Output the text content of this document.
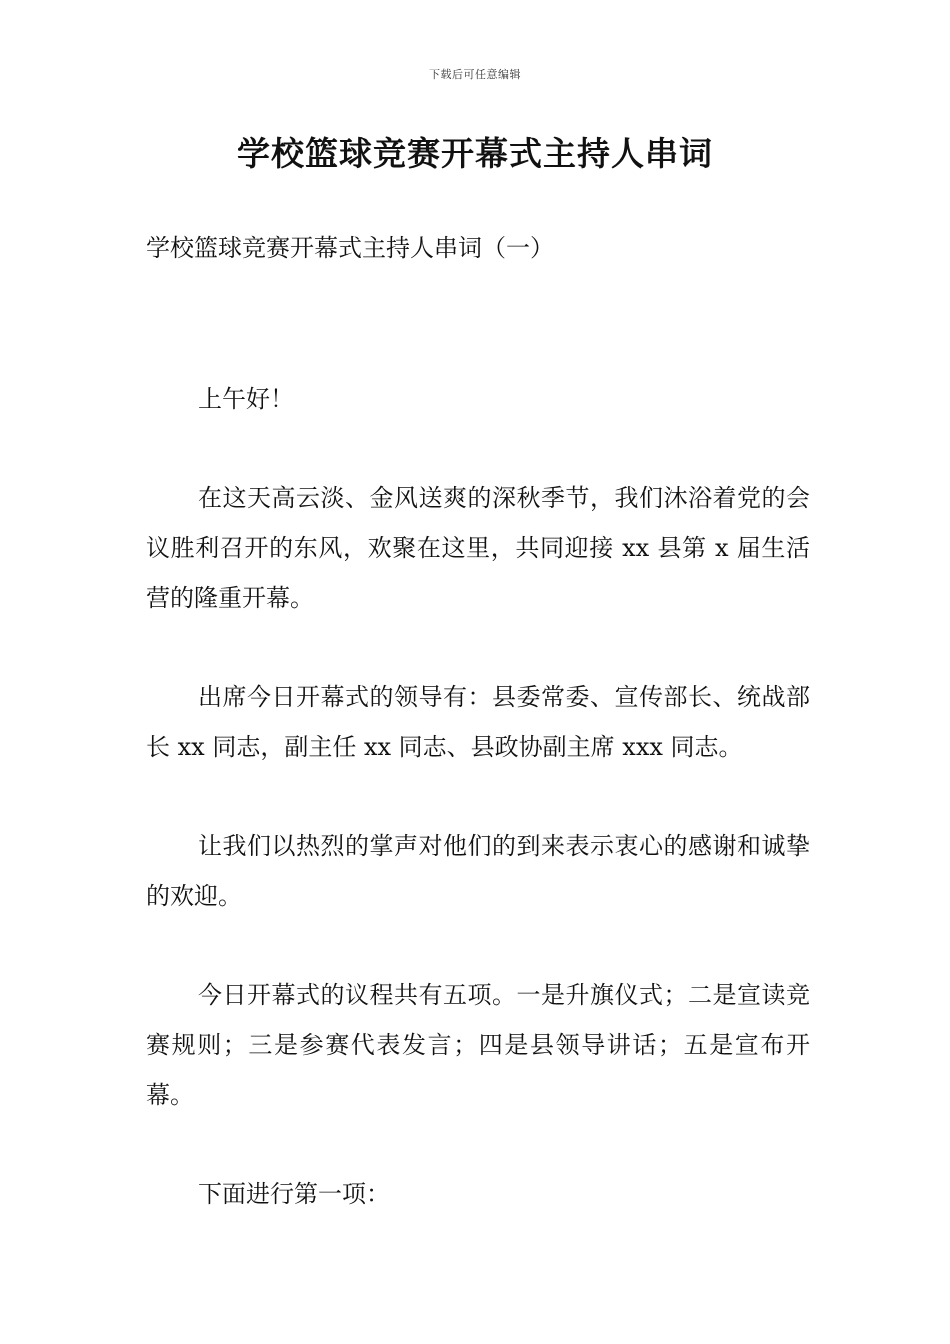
下载后可任意编辑
学校篮球竞赛开幕式主持人串词
学校篮球竞赛开幕式主持人串词（一）
上午好！
在这天高云淡、金风送爽的深秋季节，我们沐浴着党的会议胜利召开的东风，欢聚在这里，共同迎接 xx 县第 x 届生活营的隆重开幕。
出席今日开幕式的领导有：县委常委、宣传部长、统战部长 xx 同志，副主任 xx 同志、县政协副主席 xxx 同志。
让我们以热烈的掌声对他们的到来表示衷心的感谢和诚挚的欢迎。
今日开幕式的议程共有五项。一是升旗仪式；二是宣读竞赛规则；三是参赛代表发言；四是县领导讲话；五是宣布开幕。
下面进行第一项：
